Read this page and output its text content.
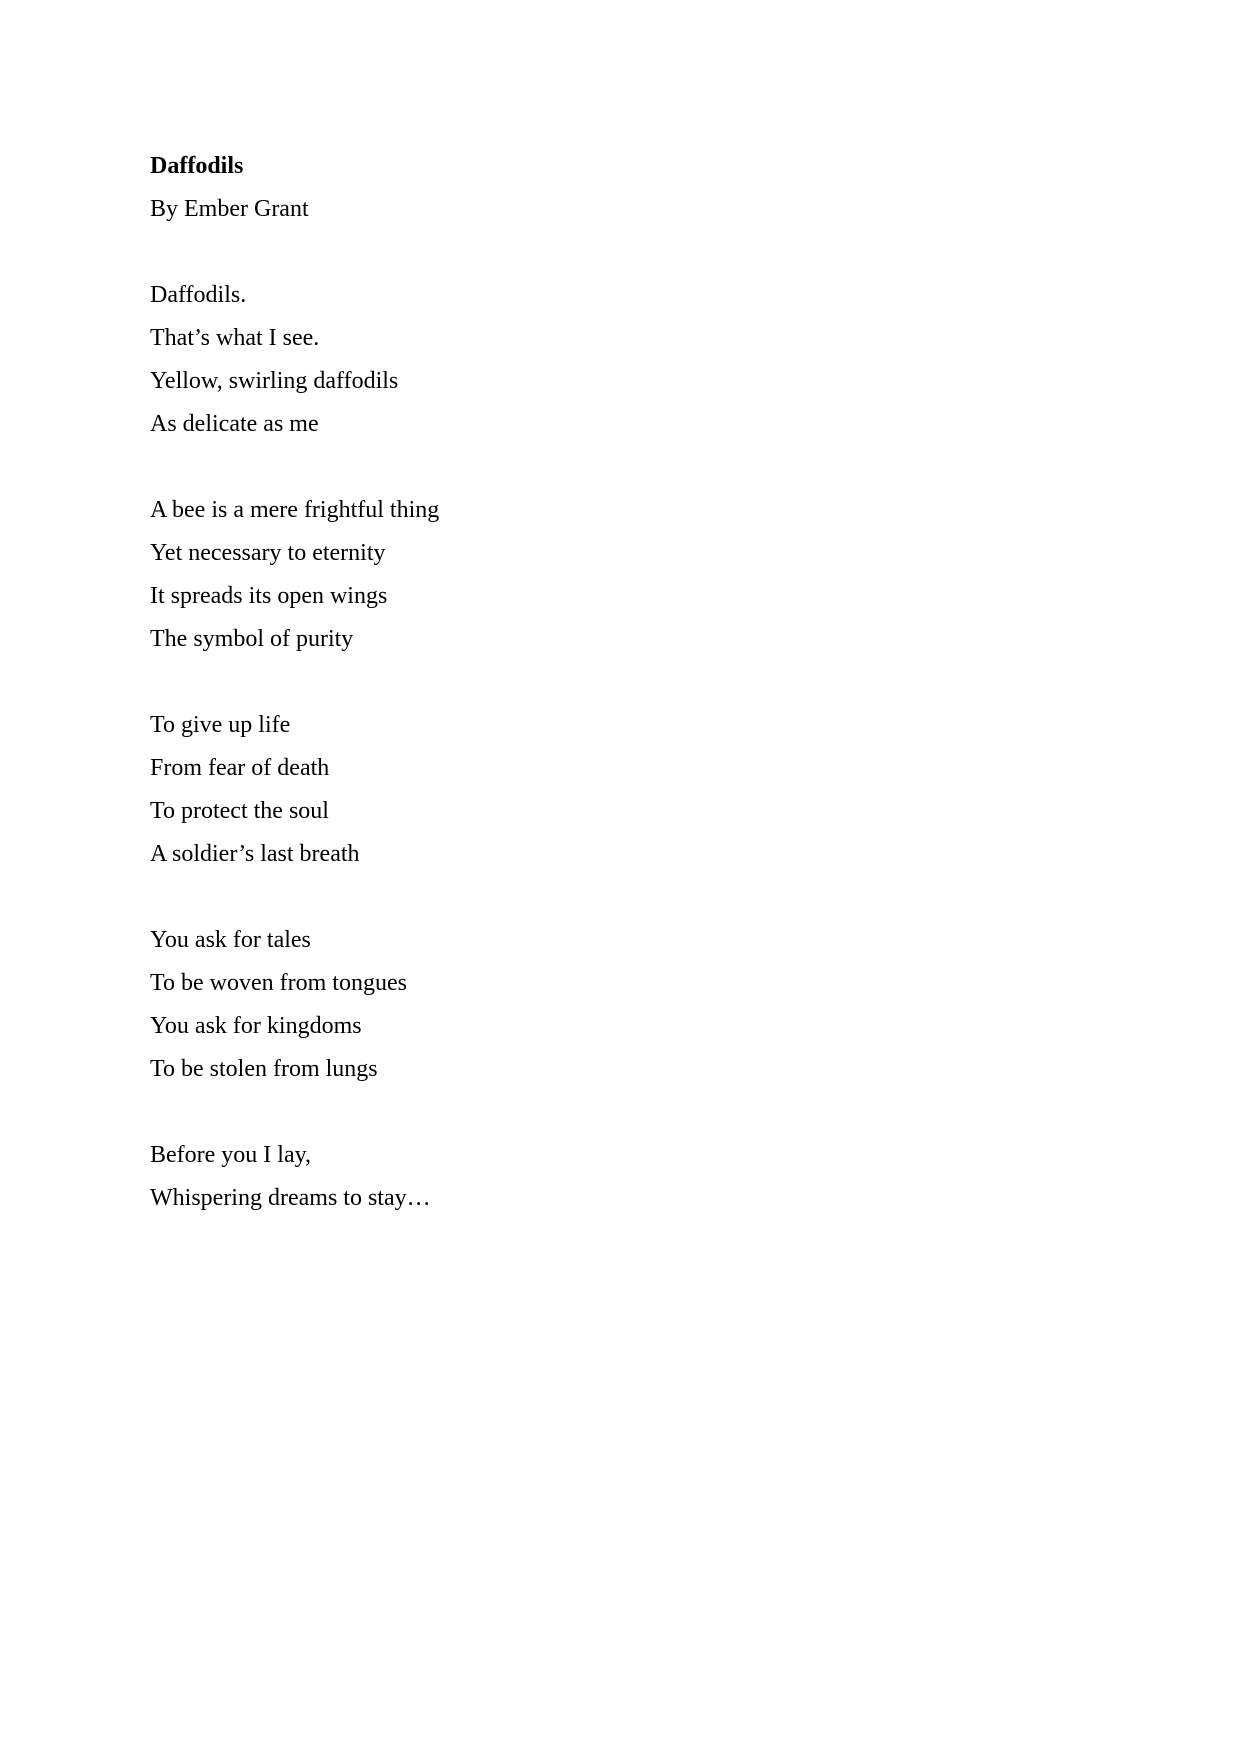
Daffodils

By Ember Grant

Daffodils.
That’s what I see.
Yellow, swirling daffodils
As delicate as me
A bee is a mere frightful thing
Yet necessary to eternity
It spreads its open wings
The symbol of purity
To give up life
From fear of death
To protect the soul
A soldier’s last breath
You ask for tales
To be woven from tongues
You ask for kingdoms
To be stolen from lungs
Before you I lay,
Whispering dreams to stay…
